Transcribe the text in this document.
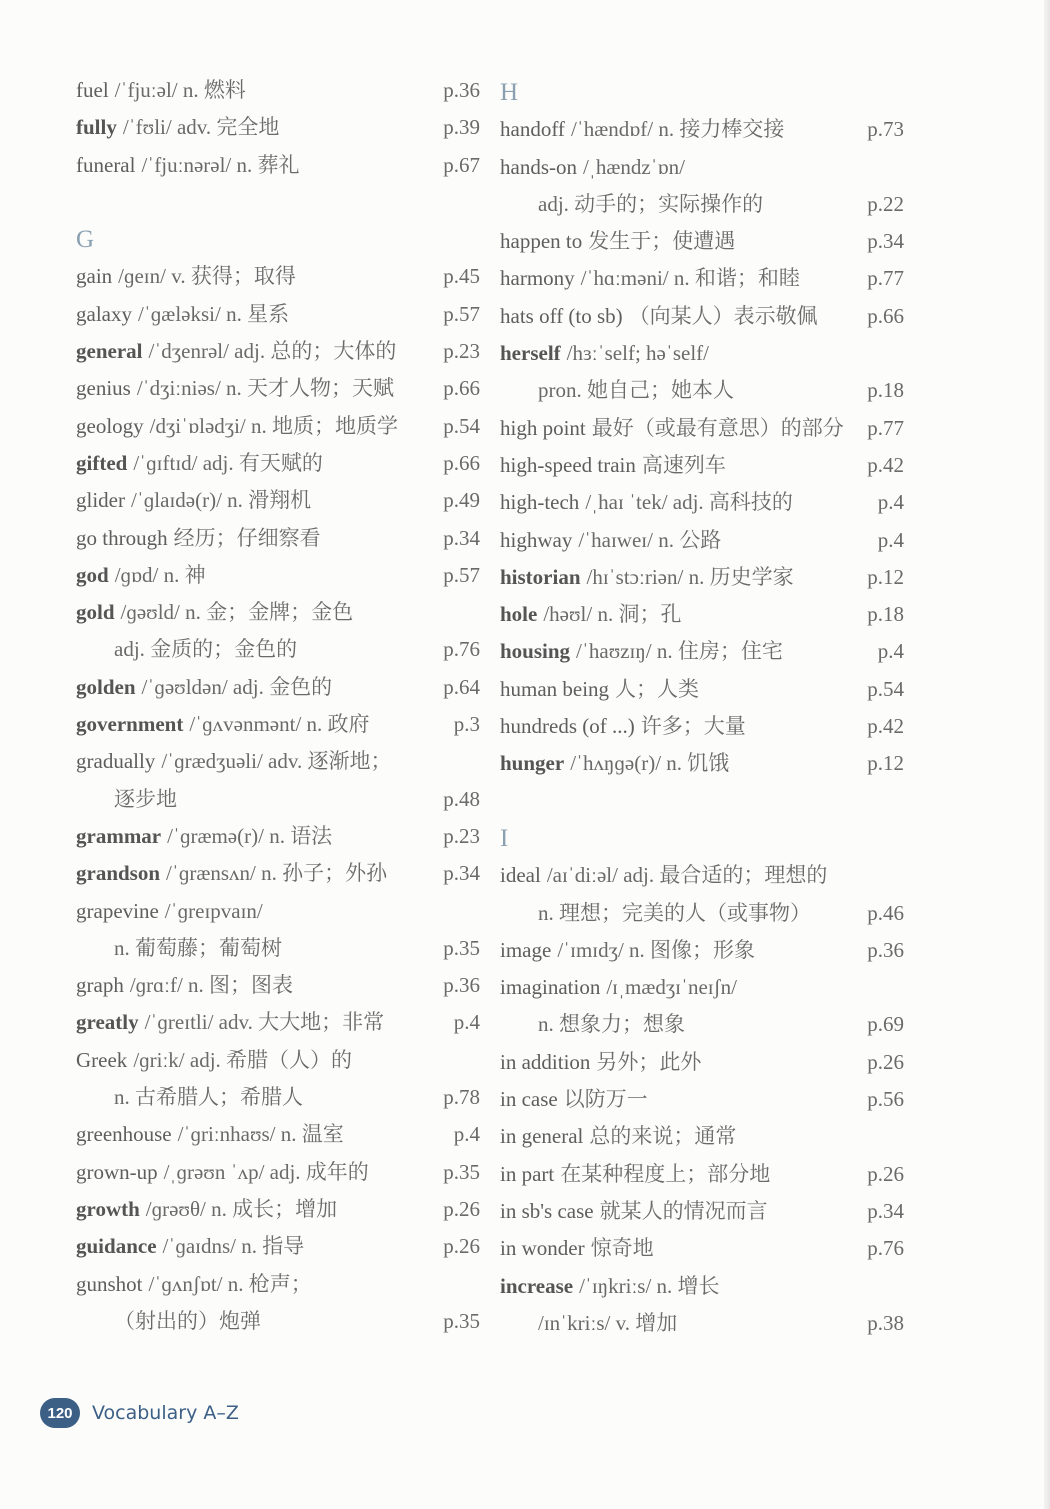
fuel /ˈfjuːəl/ n. 燃料	p.36
fully /ˈfʊli/ adv. 完全地	p.39
funeral /ˈfjuːnərəl/ n. 葬礼	p.67
G
gain /ɡeɪn/ v. 获得；取得	p.45
galaxy /ˈɡæləksi/ n. 星系	p.57
general /ˈdʒenrəl/ adj. 总的；大体的 p.23
genius /ˈdʒiːniəs/ n. 天才人物；天赋 p.66
geology /dʒiˈɒlədʒi/ n. 地质；地质学 p.54
gifted /ˈɡɪftɪd/ adj. 有天赋的	p.66
glider /ˈɡlaɪdə(r)/ n. 滑翔机	p.49
go through 经历；仔细察看	p.34
god /ɡɒd/ n. 神	p.57
gold /ɡəʊld/ n. 金；金牌；金色
adj. 金质的；金色的	p.76
golden /ˈɡəʊldən/ adj. 金色的	p.64
government /ˈɡʌvənmənt/ n. 政府	p.3
gradually /ˈɡrædʒuəli/ adv. 逐渐地；
逐步地	p.48
grammar /ˈɡræmə(r)/ n. 语法	p.23
grandson /ˈɡrænsʌn/ n. 孙子；外孙	p.34
grapevine /ˈɡreɪpvaɪn/
n. 葡萄藤；葡萄树	p.35
graph /ɡrɑːf/ n. 图；图表	p.36
greatly /ˈɡreɪtli/ adv. 大大地；非常	p.4
Greek /ɡriːk/ adj. 希腊（人）的
n. 古希腊人；希腊人	p.78
greenhouse /ˈɡriːnhaʊs/ n. 温室	p.4
grown-up /ˌɡrəʊn ˈʌp/ adj. 成年的	p.35
growth /ɡrəʊθ/ n. 成长；增加	p.26
guidance /ˈɡaɪdns/ n. 指导	p.26
gunshot /ˈɡʌnʃɒt/ n. 枪声；
（射出的）炮弹	p.35
H
handoff /ˈhændɒf/ n. 接力棒交接	p.73
hands-on /ˌhændzˈɒn/
adj. 动手的；实际操作的	p.22
happen to 发生于；使遭遇	p.34
harmony /ˈhɑːməni/ n. 和谐；和睦	p.77
hats off (to sb) （向某人）表示敬佩 p.66
herself /hɜːˈself; həˈself/
pron. 她自己；她本人	p.18
high point 最好（或最有意思）的部分 p.77
high-speed train 高速列车	p.42
high-tech /ˌhaɪ ˈtek/ adj. 高科技的	p.4
highway /ˈhaɪweɪ/ n. 公路	p.4
historian /hɪˈstɔːriən/ n. 历史学家	p.12
hole /həʊl/ n. 洞；孔	p.18
housing /ˈhaʊzɪŋ/ n. 住房；住宅	p.4
human being 人；人类	p.54
hundreds (of ...) 许多；大量	p.42
hunger /ˈhʌŋɡə(r)/ n. 饥饿	p.12
I
ideal /aɪˈdiːəl/ adj. 最合适的；理想的
n. 理想；完美的人（或事物）	p.46
image /ˈɪmɪdʒ/ n. 图像；形象	p.36
imagination /ɪˌmædʒɪˈneɪʃn/
n. 想象力；想象	p.69
in addition 另外；此外	p.26
in case 以防万一	p.56
in general 总的来说；通常
in part 在某种程度上；部分地	p.26
in sb's case 就某人的情况而言	p.34
in wonder 惊奇地	p.76
increase /ˈɪŋkriːs/ n. 增长
/ɪnˈkriːs/ v. 增加	p.38
120	Vocabulary A–Z
